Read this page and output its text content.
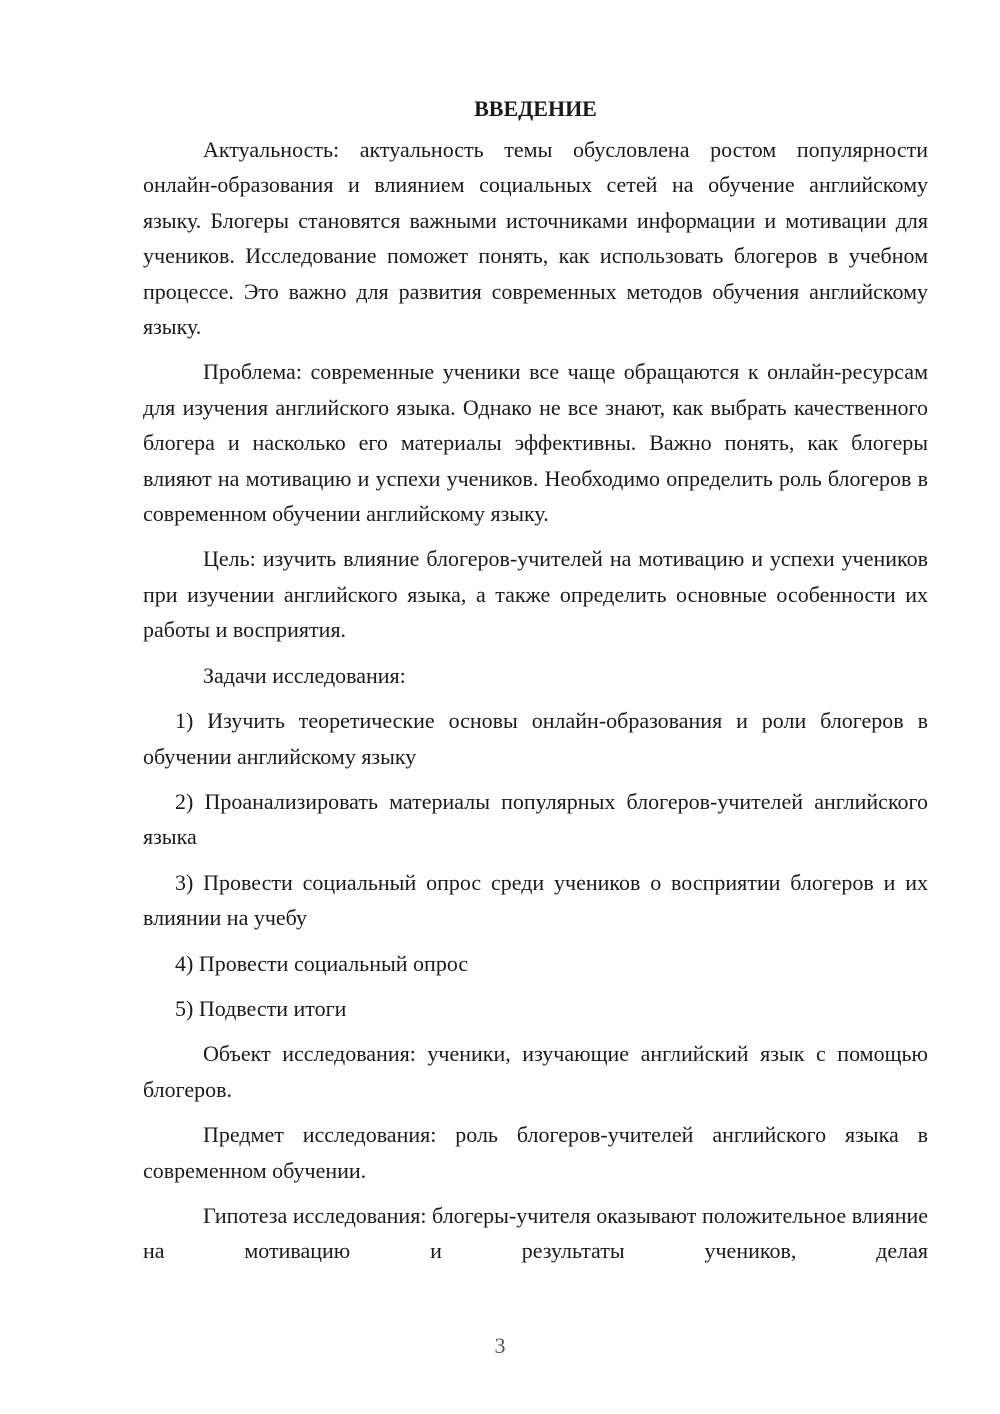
ВВЕДЕНИЕ

Актуальность: актуальность темы обусловлена ростом популярности онлайн-образования и влиянием социальных сетей на обучение английскому языку. Блогеры становятся важными источниками информации и мотивации для учеников. Исследование поможет понять, как использовать блогеров в учебном процессе. Это важно для развития современных методов обучения английскому языку.

Проблема: современные ученики все чаще обращаются к онлайн-ресурсам для изучения английского языка. Однако не все знают, как выбрать качественного блогера и насколько его материалы эффективны. Важно понять, как блогеры влияют на мотивацию и успехи учеников. Необходимо определить роль блогеров в современном обучении английскому языку.

Цель: изучить влияние блогеров-учителей на мотивацию и успехи учеников при изучении английского языка, а также определить основные особенности их работы и восприятия.

Задачи исследования:

1) Изучить теоретические основы онлайн-образования и роли блогеров в обучении английскому языку

2) Проанализировать материалы популярных блогеров-учителей английского языка

3) Провести социальный опрос среди учеников о восприятии блогеров и их влиянии на учебу

4) Провести социальный опрос

5) Подвести итоги

Объект исследования: ученики, изучающие английский язык с помощью блогеров.

Предмет исследования: роль блогеров-учителей английского языка в современном обучении.

Гипотеза исследования: блогеры-учителя оказывают положительное влияние на мотивацию и результаты учеников, делая

3
